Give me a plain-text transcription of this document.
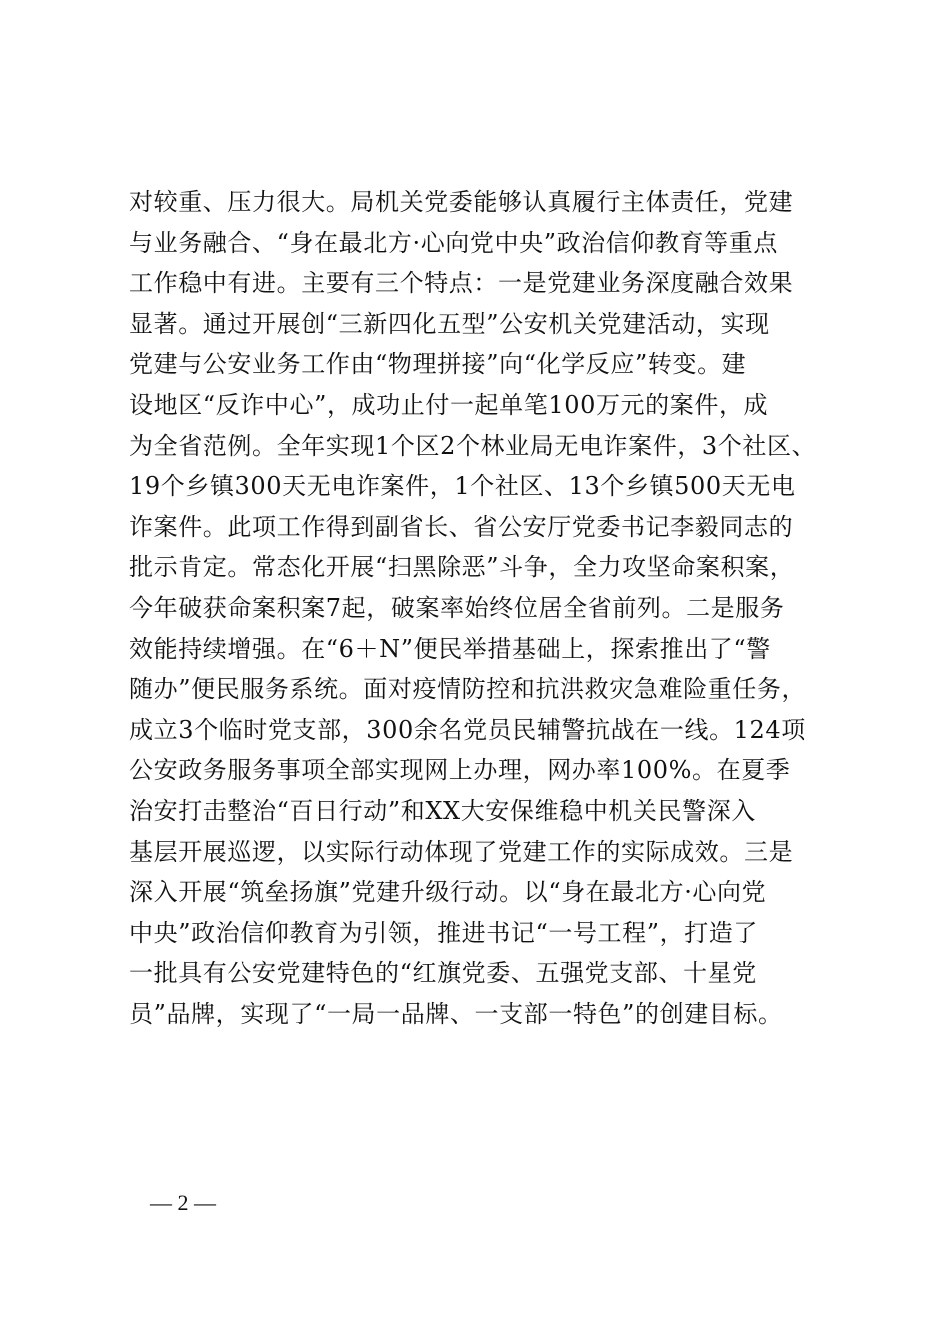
对较重、压力很大。局机关党委能够认真履行主体责任，党建
与业务融合、“身在最北方·心向党中央”政治信仰教育等重点
工作稳中有进。主要有三个特点：一是党建业务深度融合效果
显著。通过开展创“三新四化五型”公安机关党建活动，实现
党建与公安业务工作由“物理拼接”向“化学反应”转变。建
设地区“反诈中心”，成功止付一起单笔100万元的案件，成
为全省范例。全年实现1个区2个林业局无电诈案件，3个社区、
19个乡镇300天无电诈案件，1个社区、13个乡镇500天无电
诈案件。此项工作得到副省长、省公安厅党委书记李毅同志的
批示肯定。常态化开展“扫黑除恶”斗争，全力攻坚命案积案，
今年破获命案积案7起，破案率始终位居全省前列。二是服务
效能持续增强。在“6＋N”便民举措基础上，探索推出了“警
随办”便民服务系统。面对疫情防控和抗洪救灾急难险重任务，
成立3个临时党支部，300余名党员民辅警抗战在一线。124项
公安政务服务事项全部实现网上办理，网办率100%。在夏季
治安打击整治“百日行动”和XX大安保维稳中机关民警深入
基层开展巡逻，以实际行动体现了党建工作的实际成效。三是
深入开展“筑垒扬旗”党建升级行动。以“身在最北方·心向党
中央”政治信仰教育为引领，推进书记“一号工程”，打造了
一批具有公安党建特色的“红旗党委、五强党支部、十星党
员”品牌，实现了“一局一品牌、一支部一特色”的创建目标。
— 2 —
